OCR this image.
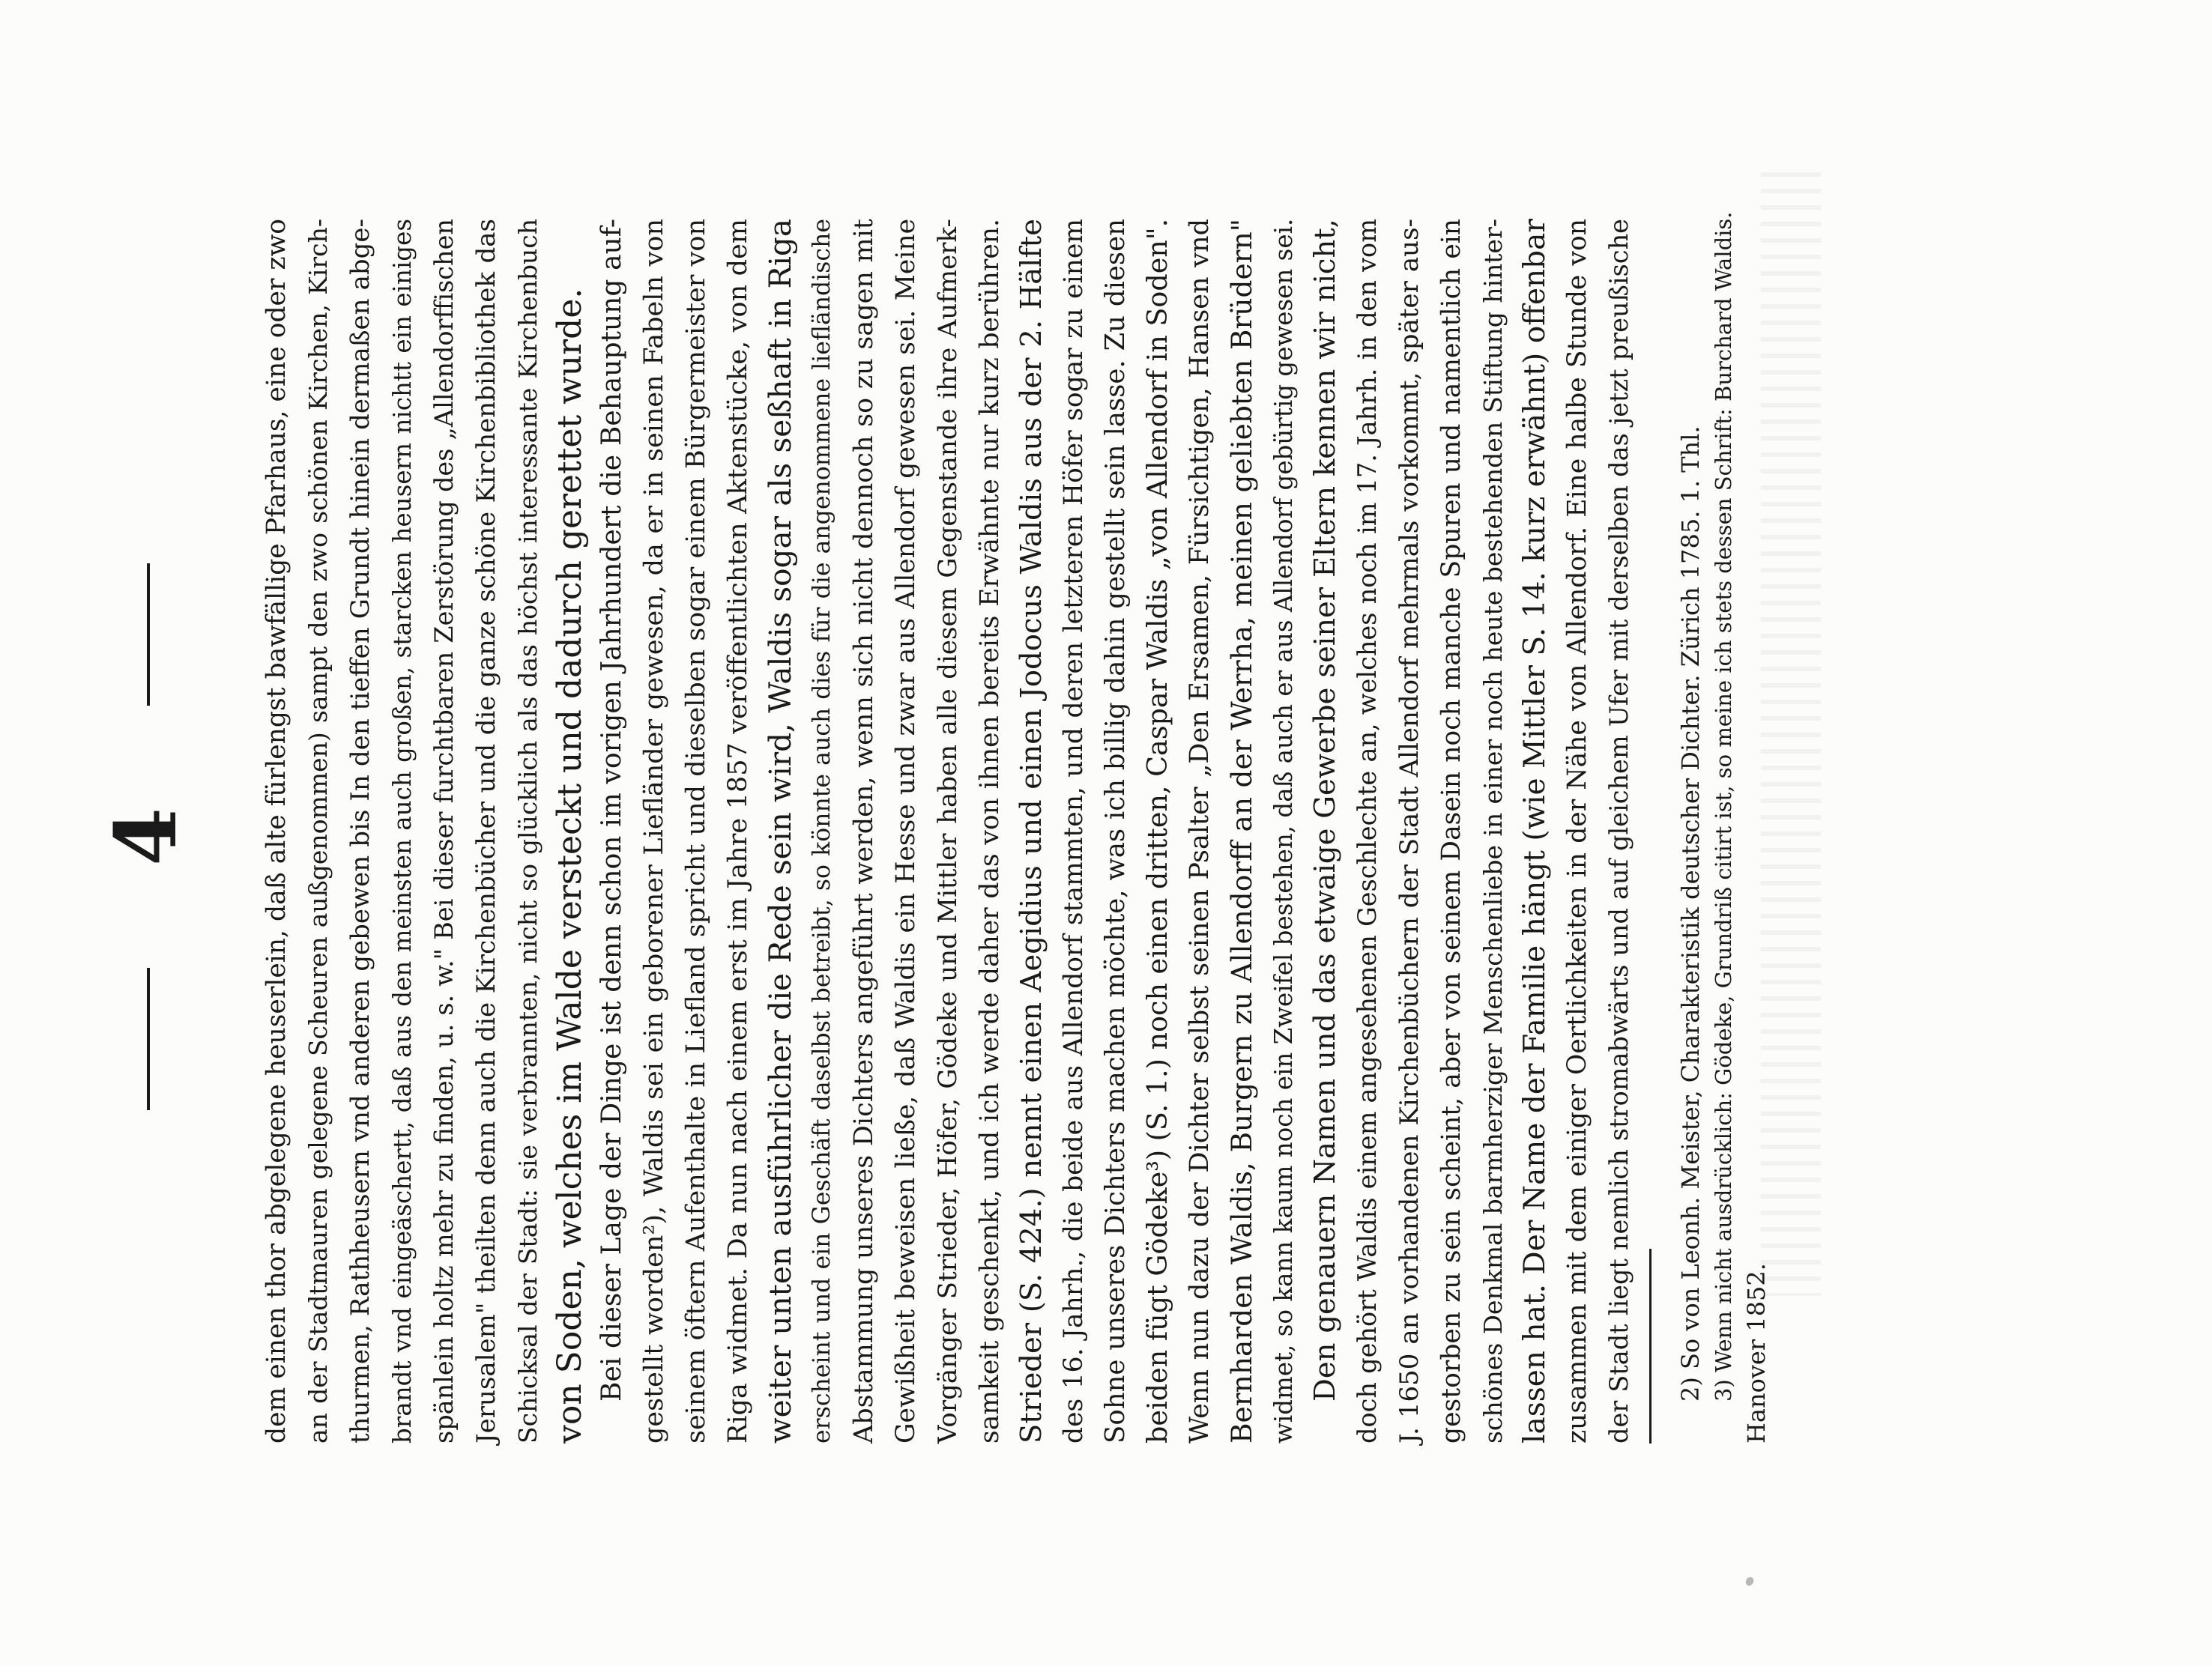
4	dem einen thor abgelegene heuserlein, daß alte fürlengst bawfällige Pfarhaus, eine oder zwo an der Stadtmauren gelegene Scheuren außgenommen) sampt den zwo schönen Kirchen, Kirch- thurmen, Rathheusern vnd anderen gebewen bis In den tieffen Grundt hinein dermaßen abge- brandt vnd eingeäschertt, daß aus den meinsten auch großen, starcken heusern nichtt ein einiges spänlein holtz mehr zu finden, u. s. w." Bei dieser furchtbaren Zerstörung des „Allendorffischen Jerusalem" theilten denn auch die Kirchenbücher und die ganze schöne Kirchenbibliothek das Schicksal der Stadt: sie verbrannten, nicht so glücklich als das höchst interessante Kirchenbuch von Soden, welches im Walde versteckt und dadurch gerettet wurde. Bei dieser Lage der Dinge ist denn schon im vorigen Jahrhundert die Behauptung auf- gestellt worden²), Waldis sei ein geborener Liefländer gewesen, da er in seinen Fabeln von seinem öftern Aufenthalte in Liefland spricht und dieselben sogar einem Bürgermeister von Riga widmet. Da nun nach einem erst im Jahre 1857 veröffentlichten Aktenstücke, von dem weiter unten ausführlicher die Rede sein wird, Waldis sogar als seßhaft in Riga erscheint und ein Geschäft daselbst betreibt, so könnte auch dies für die angenommene liefländische Abstammung unseres Dichters angeführt werden, wenn sich nicht dennoch so zu sagen mit Gewißheit beweisen ließe, daß Waldis ein Hesse und zwar aus Allendorf gewesen sei. Meine Vorgänger Strieder, Höfer, Gödeke und Mittler haben alle diesem Gegenstande ihre Aufmerk- samkeit geschenkt, und ich werde daher das von ihnen bereits Erwähnte nur kurz berühren. Strieder (S. 424.) nennt einen Aegidius und einen Jodocus Waldis aus der 2. Hälfte des 16. Jahrh., die beide aus Allendorf stammten, und deren letzteren Höfer sogar zu einem Sohne unseres Dichters machen möchte, was ich billig dahin gestellt sein lasse. Zu diesen beiden fügt Gödeke³) (S. 1.) noch einen dritten, Caspar Waldis „von Allendorf in Soden". Wenn nun dazu der Dichter selbst seinen Psalter „Den Ersamen, Fürsichtigen, Hansen vnd Bernharden Waldis, Burgern zu Allendorff an der Werrha, meinen geliebten Brüdern" widmet, so kann kaum noch ein Zweifel bestehen, daß auch er aus Allendorf gebürtig gewesen sei. Den genauern Namen und das etwaige Gewerbe seiner Eltern kennen wir nicht, doch gehört Waldis einem angesehenen Geschlechte an, welches noch im 17. Jahrh. in den vom J. 1650 an vorhandenen Kirchenbüchern der Stadt Allendorf mehrmals vorkommt, später aus- gestorben zu sein scheint, aber von seinem Dasein noch manche Spuren und namentlich ein schönes Denkmal barmherziger Menschenliebe in einer noch heute bestehenden Stiftung hinter- lassen hat. Der Name der Familie hängt (wie Mittler S. 14. kurz erwähnt) offenbar zusammen mit dem einiger Oertlichkeiten in der Nähe von Allendorf. Eine halbe Stunde von der Stadt liegt nemlich stromabwärts und auf gleichem Ufer mit derselben das jetzt preußische 2) So von Leonh. Meister, Charakteristik deutscher Dichter. Zürich 1785. 1. Thl. 3) Wenn nicht ausdrücklich: Gödeke, Grundriß citirt ist, so meine ich stets dessen Schrift: Burchard Waldis. Hanover 1852.
